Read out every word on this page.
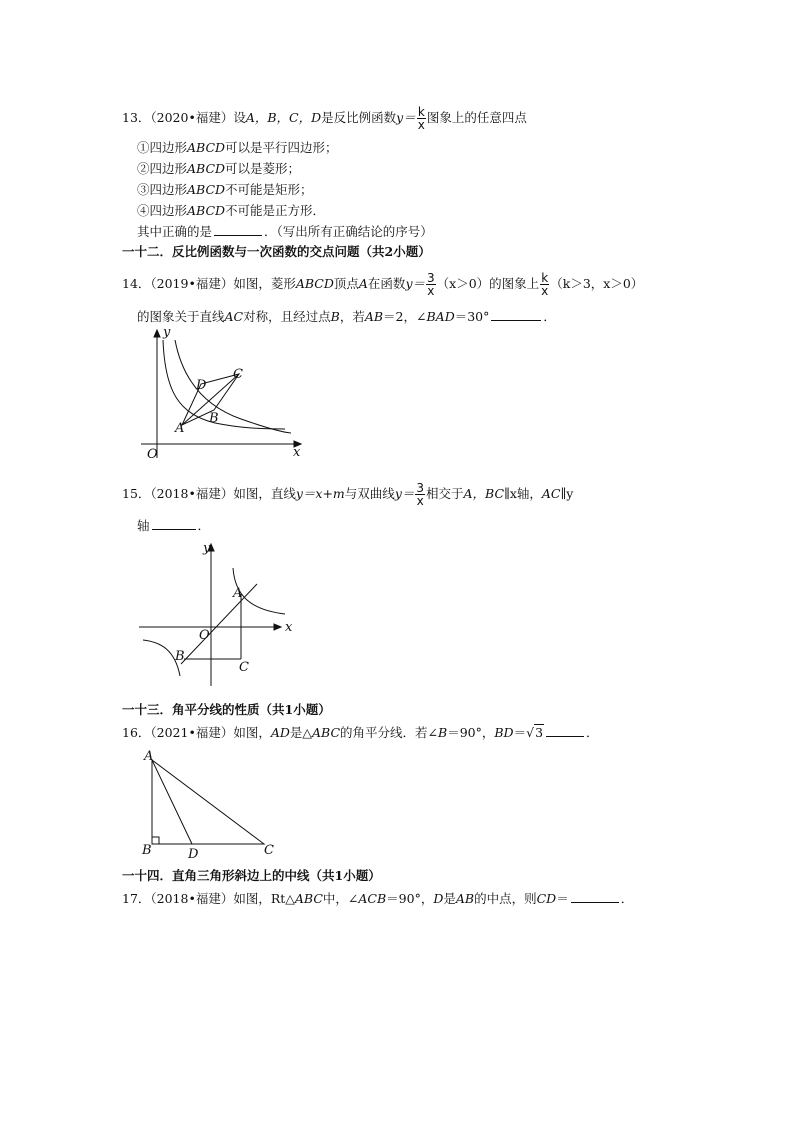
13．（2020•福建）设A，B，C，D是反比例函数$y= \frac{k}{x}$ 图象上的任意四点
①四边形ABCD可以是平行四边形；
②四边形ABCD可以是菱形；
③四边形ABCD不可能是矩形；
④四边形ABCD不可能是正方形．
其中正确的是	．（写出所有正确结论的序号）
一十二．反比例函数与一次函数的交点问题（共2小题）
14．（2019•福建）如图，菱形ABCD顶点A在函数$y= \frac{3}{x} (x>0)$的图象上 $\frac{k}{x} (k>3$，x＞0）
的图象关于直线AC对称，且经过点B，若AB＝2，∠BAD＝30°	．
y
x
O
A
B
C
D
15．（2018•福建）如图，直线y＝x+m与双曲线$y= \frac{3}{x}$ 相交于A，BC∥x轴，AC∥y
轴	．
y
x
O
A
B
C
一十三．角平分线的性质（共1小题）
16．（2021•福建）如图，AD是△ABC的角平分线．若∠B＝90°，BD＝√3	．
A
B	C
D
一十四．直角三角形斜边上的中线（共1小题）
17．（2018•福建）如图，Rt△ABC中，∠ACB＝90°，D是AB的中点，则CD＝	．
